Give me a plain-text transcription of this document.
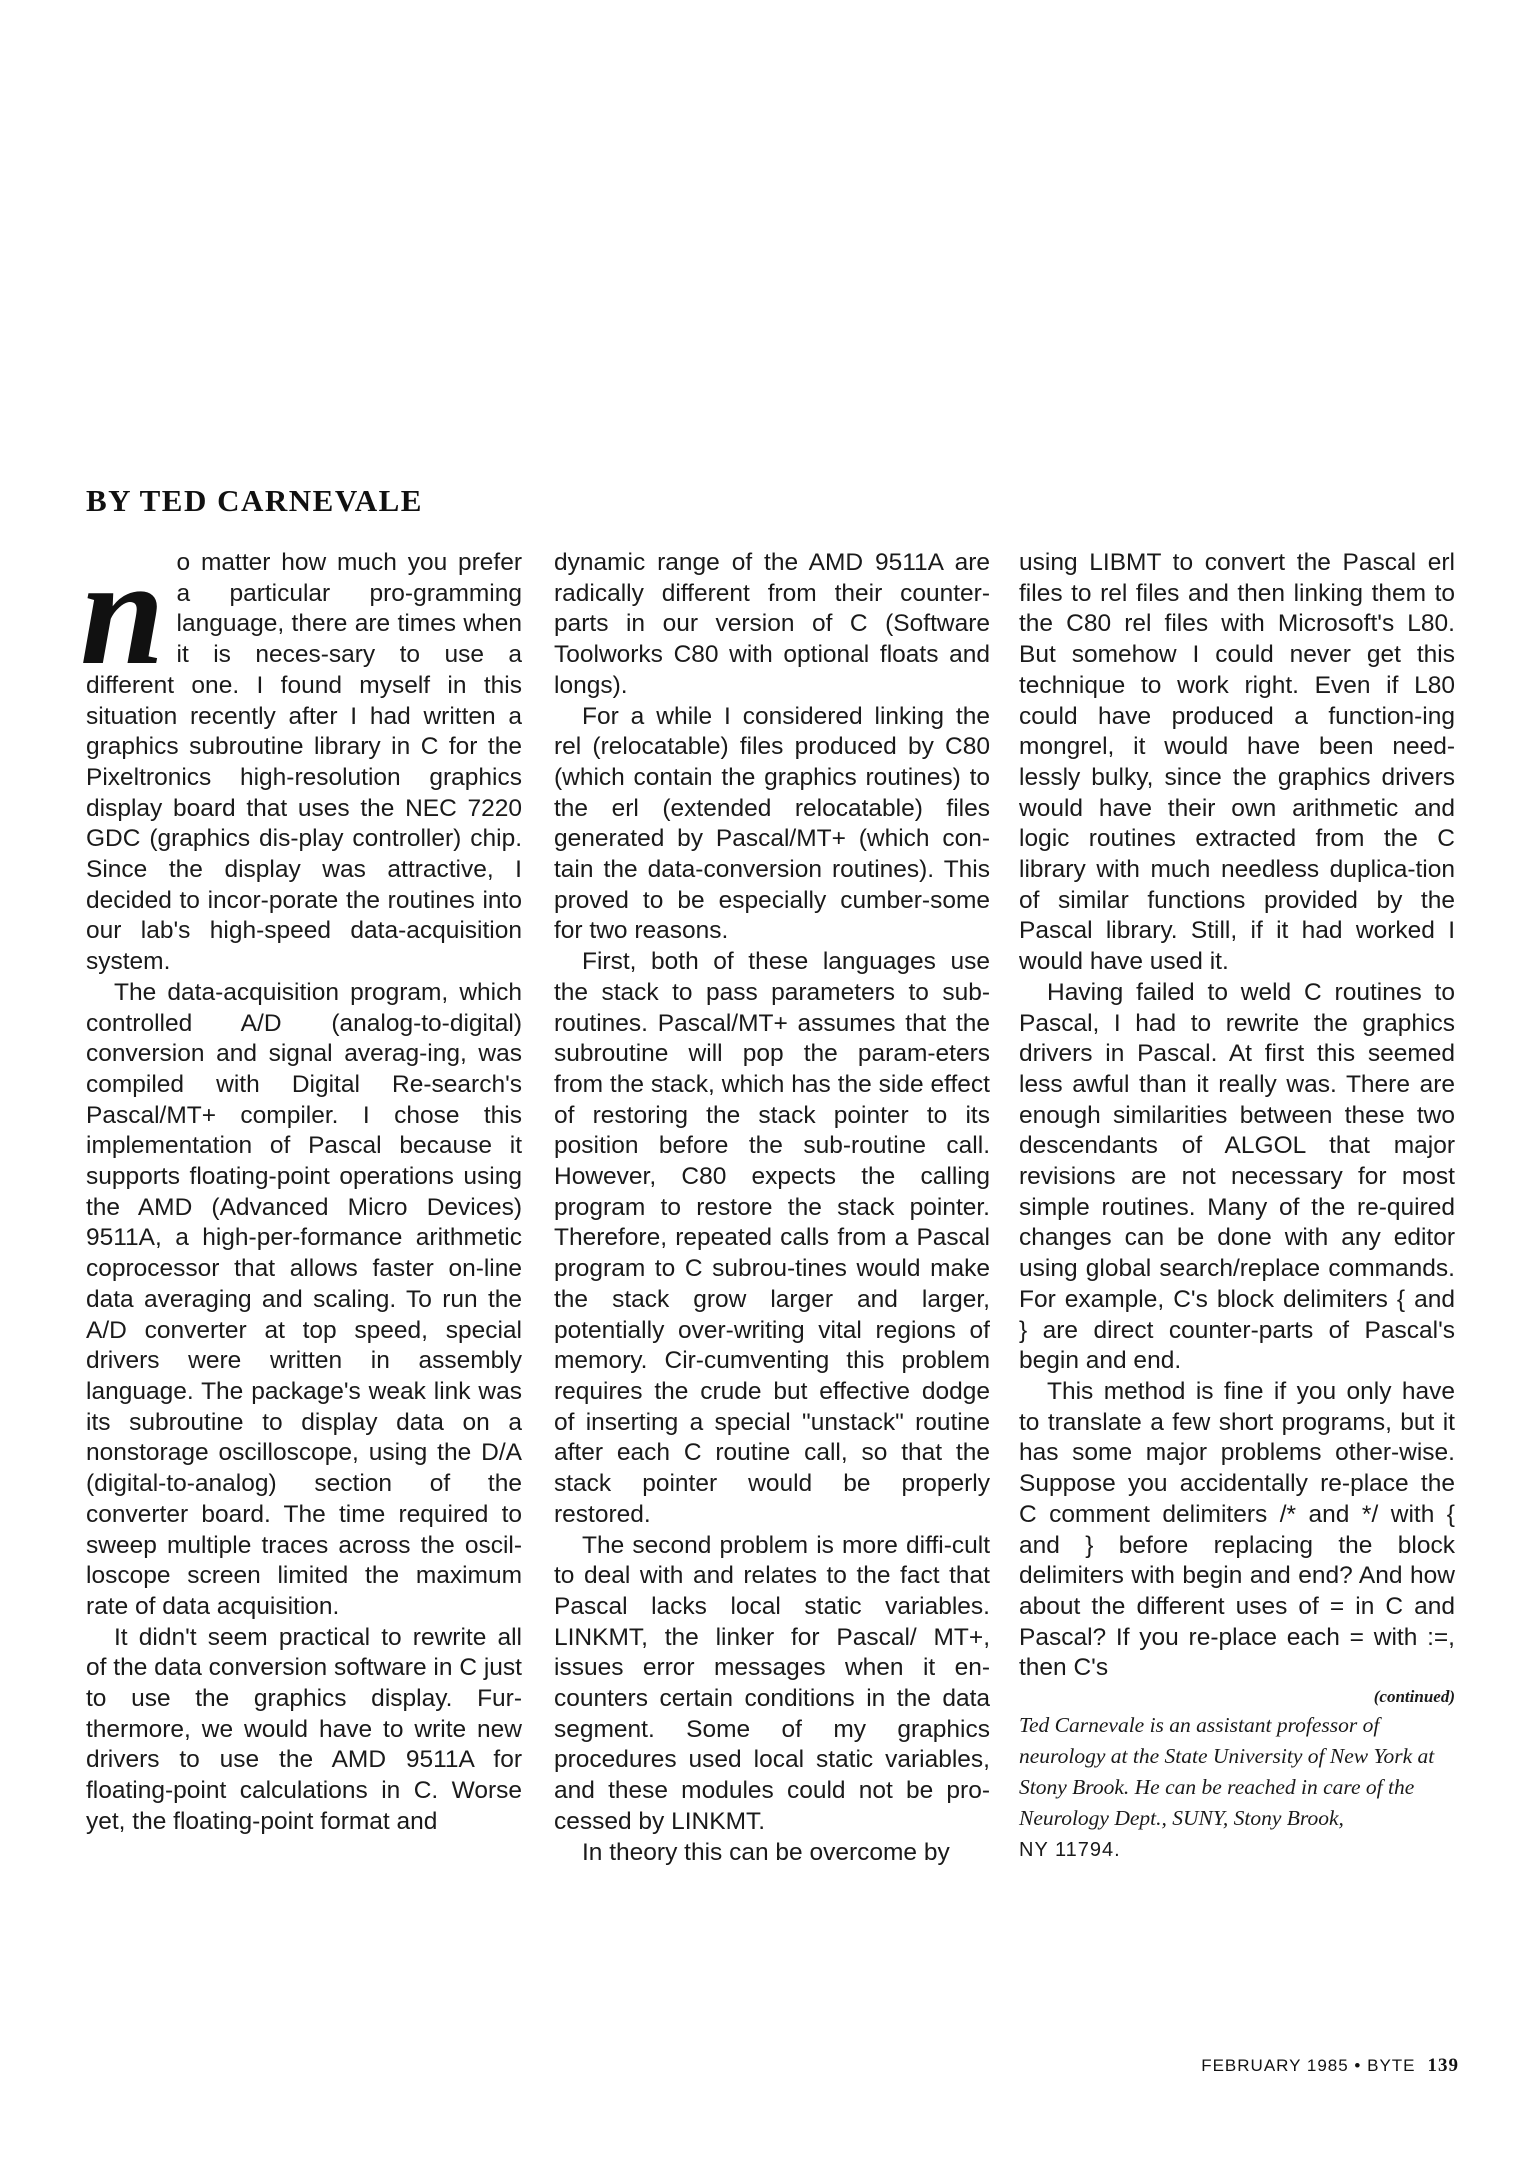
BY TED CARNEVALE

no matter how much you prefer a particular pro-gramming language, there are times when it is neces-sary to use a different one. I found myself in this situation recently after I had written a graphics subroutine library in C for the Pixeltronics high-resolution graphics display board that uses the NEC 7220 GDC (graphics dis-play controller) chip. Since the display was attractive, I decided to incor-porate the routines into our lab's high-speed data-acquisition system.

The data-acquisition program, which controlled A/D (analog-to-digital) conversion and signal averag-ing, was compiled with Digital Re-search's Pascal/MT+ compiler. I chose this implementation of Pascal because it supports floating-point operations using the AMD (Advanced Micro Devices) 9511A, a high-per-formance arithmetic coprocessor that allows faster on-line data averaging and scaling. To run the A/D converter at top speed, special drivers were written in assembly language. The package's weak link was its subroutine to display data on a nonstorage oscilloscope, using the D/A (digital-to-analog) section of the converter board. The time required to sweep multiple traces across the oscil-loscope screen limited the maximum rate of data acquisition.

It didn't seem practical to rewrite all of the data conversion software in C just to use the graphics display. Fur-thermore, we would have to write new drivers to use the AMD 9511A for floating-point calculations in C. Worse yet, the floating-point format and

dynamic range of the AMD 9511A are radically different from their counter-parts in our version of C (Software Toolworks C80 with optional floats and longs).

For a while I considered linking the rel (relocatable) files produced by C80 (which contain the graphics routines) to the erl (extended relocatable) files generated by Pascal/MT+ (which con-tain the data-conversion routines). This proved to be especially cumber-some for two reasons.

First, both of these languages use the stack to pass parameters to sub-routines. Pascal/MT+ assumes that the subroutine will pop the param-eters from the stack, which has the side effect of restoring the stack pointer to its position before the sub-routine call. However, C80 expects the calling program to restore the stack pointer. Therefore, repeated calls from a Pascal program to C subrou-tines would make the stack grow larger and larger, potentially over-writing vital regions of memory. Cir-cumventing this problem requires the crude but effective dodge of inserting a special "unstack" routine after each C routine call, so that the stack pointer would be properly restored.

The second problem is more diffi-cult to deal with and relates to the fact that Pascal lacks local static variables. LINKMT, the linker for Pascal/ MT+, issues error messages when it en-counters certain conditions in the data segment. Some of my graphics procedures used local static variables, and these modules could not be pro-cessed by LINKMT.

In theory this can be overcome by

using LIBMT to convert the Pascal erl files to rel files and then linking them to the C80 rel files with Microsoft's L80. But somehow I could never get this technique to work right. Even if L80 could have produced a function-ing mongrel, it would have been need-lessly bulky, since the graphics drivers would have their own arithmetic and logic routines extracted from the C library with much needless duplica-tion of similar functions provided by the Pascal library. Still, if it had worked I would have used it.

Having failed to weld C routines to Pascal, I had to rewrite the graphics drivers in Pascal. At first this seemed less awful than it really was. There are enough similarities between these two descendants of ALGOL that major revisions are not necessary for most simple routines. Many of the re-quired changes can be done with any editor using global search/replace commands. For example, C's block delimiters { and } are direct counter-parts of Pascal's begin and end.

This method is fine if you only have to translate a few short programs, but it has some major problems other-wise. Suppose you accidentally re-place the C comment delimiters /* and */ with { and } before replacing the block delimiters with begin and end? And how about the different uses of = in C and Pascal? If you re-place each = with :=, then C's

(continued)
Ted Carnevale is an assistant professor of neurology at the State University of New York at Stony Brook. He can be reached in care of the Neurology Dept., SUNY, Stony Brook,
NY 11794.
FEBRUARY 1985 • BYTE 139
